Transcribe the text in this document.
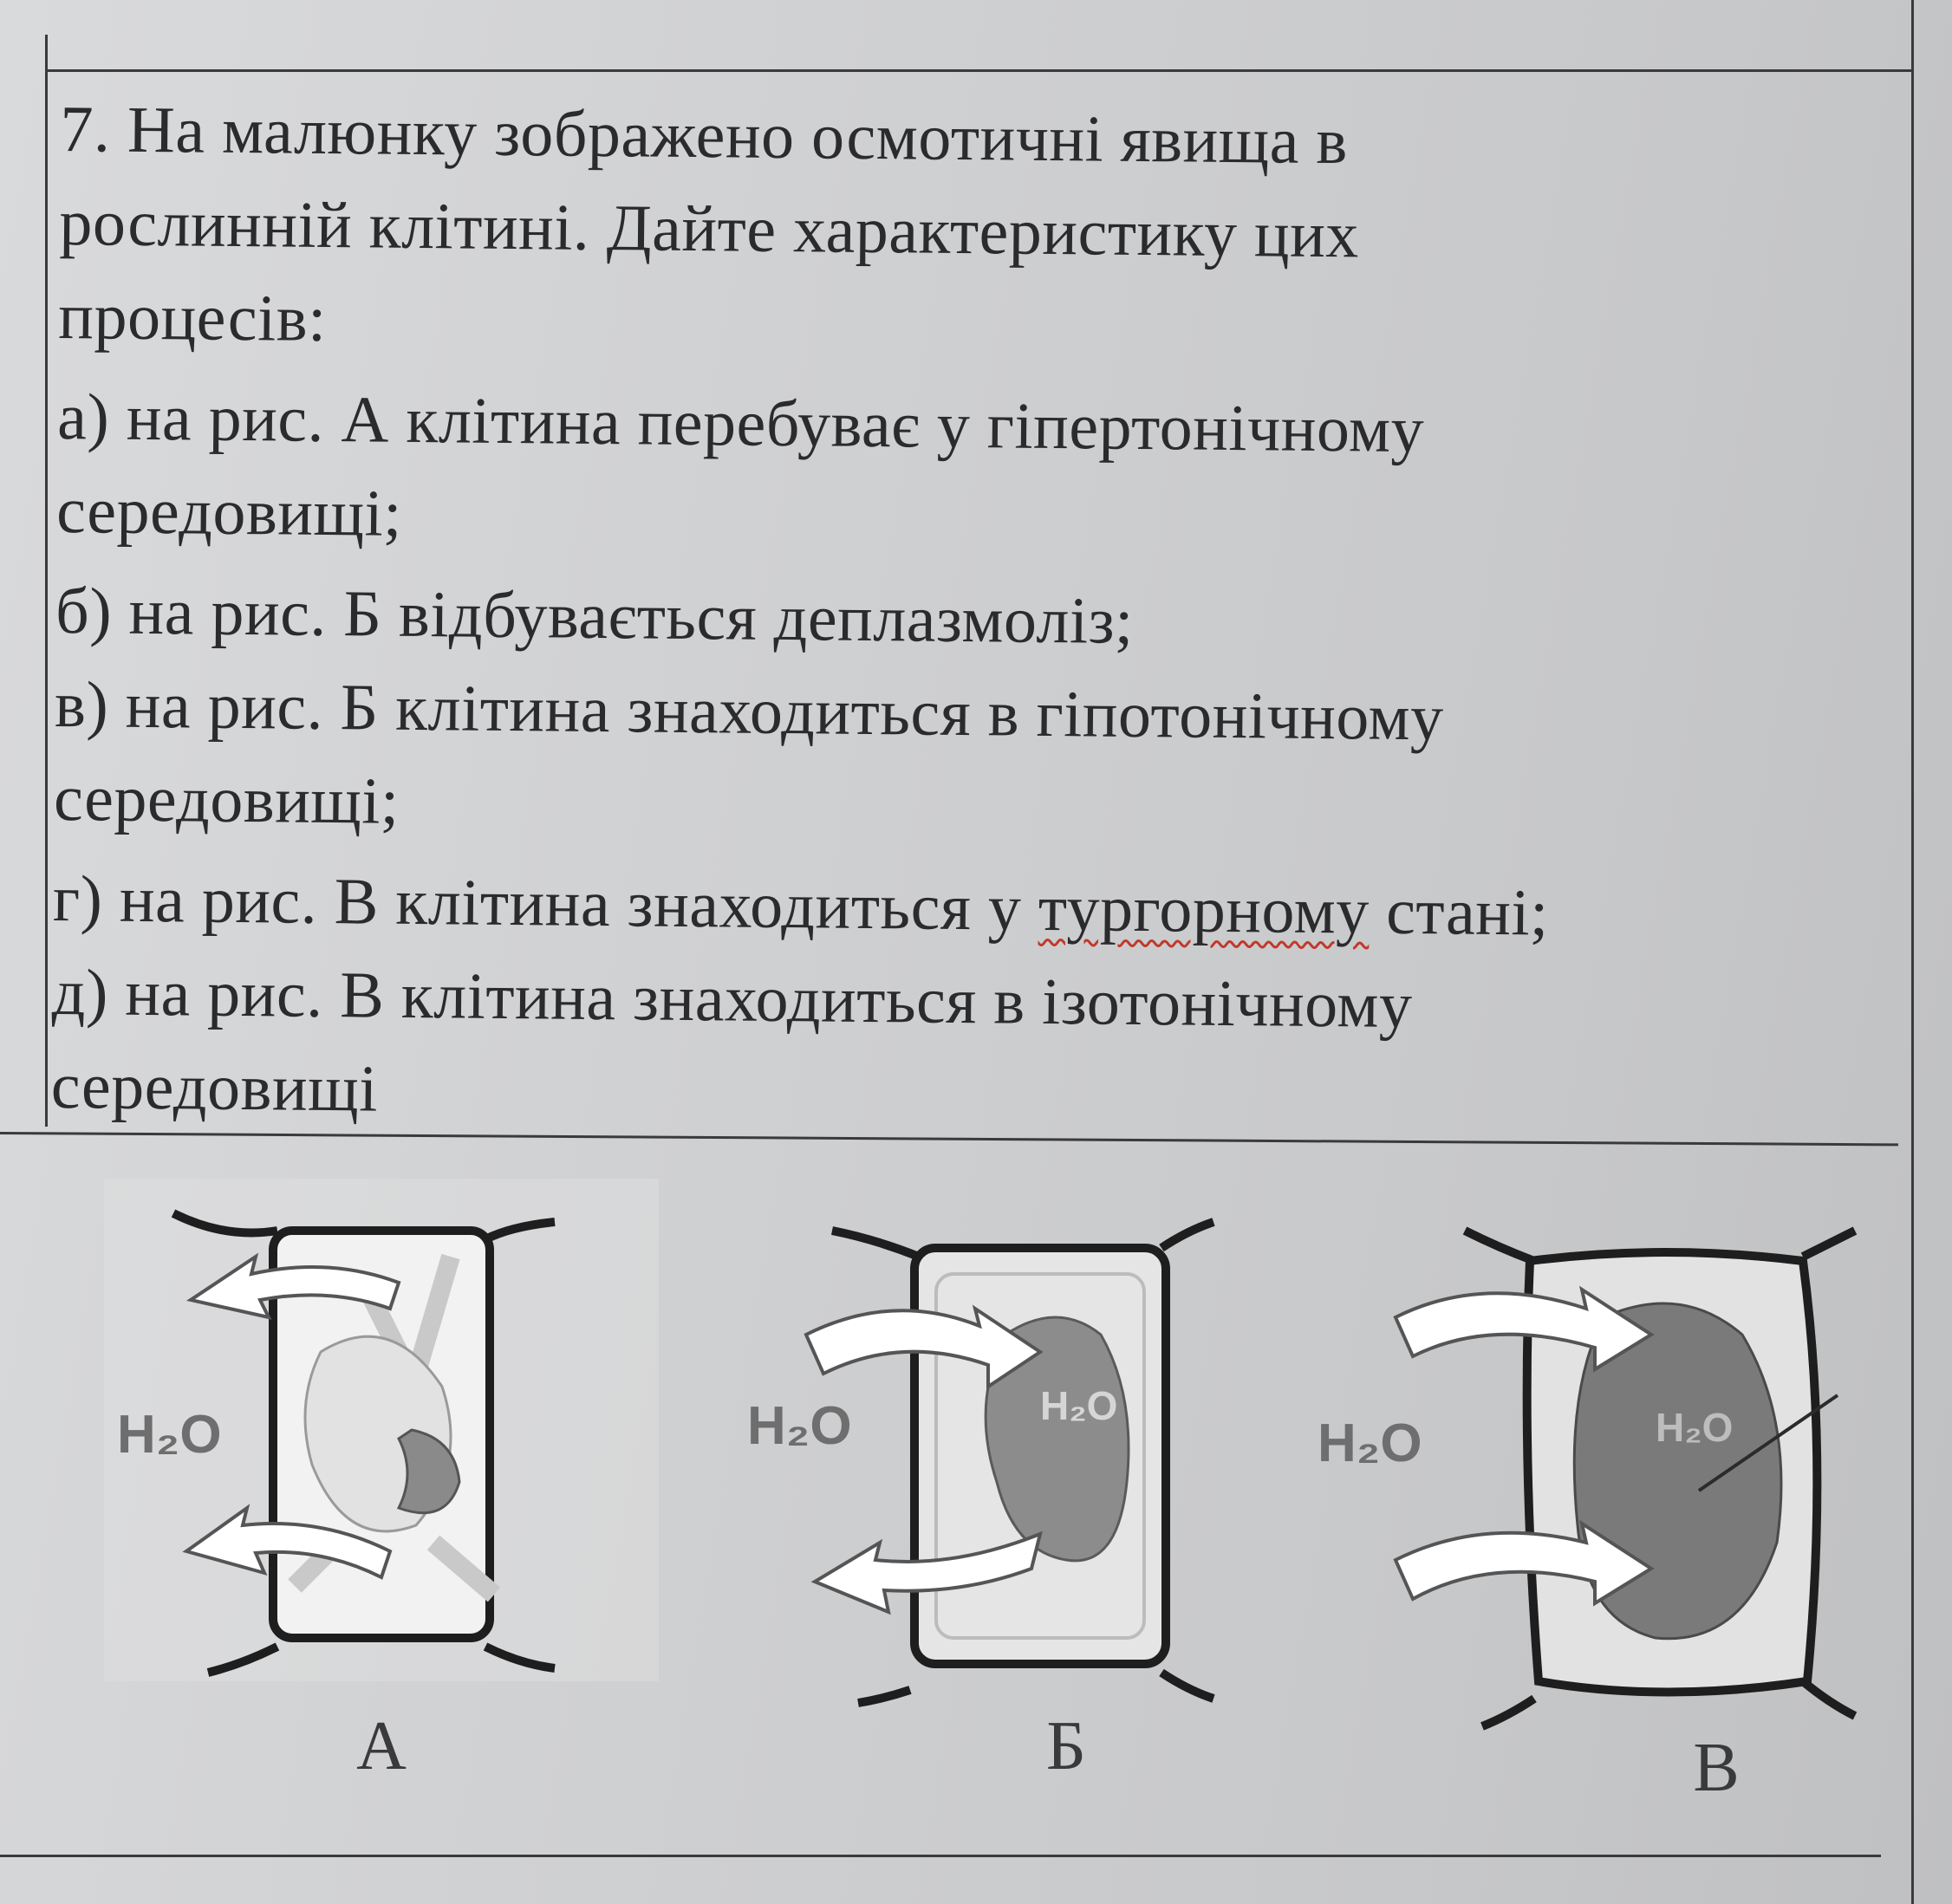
7. На малюнку зображено осмотичні явища в
рослинній клітині. Дайте характеристику цих
процесів:
а) на рис. А клітина перебуває у гіпертонічному
середовищі;
б) на рис. Б відбувається деплазмоліз;
в) на рис. Б клітина знаходиться в гіпотонічному
середовищі;
г) на рис. В клітина знаходиться у тургорному стані;
д) на рис. В клітина знаходиться в ізотонічному
середовищі
А
H₂O	H₂O	H₂O
Б
H₂O	H₂O
В
